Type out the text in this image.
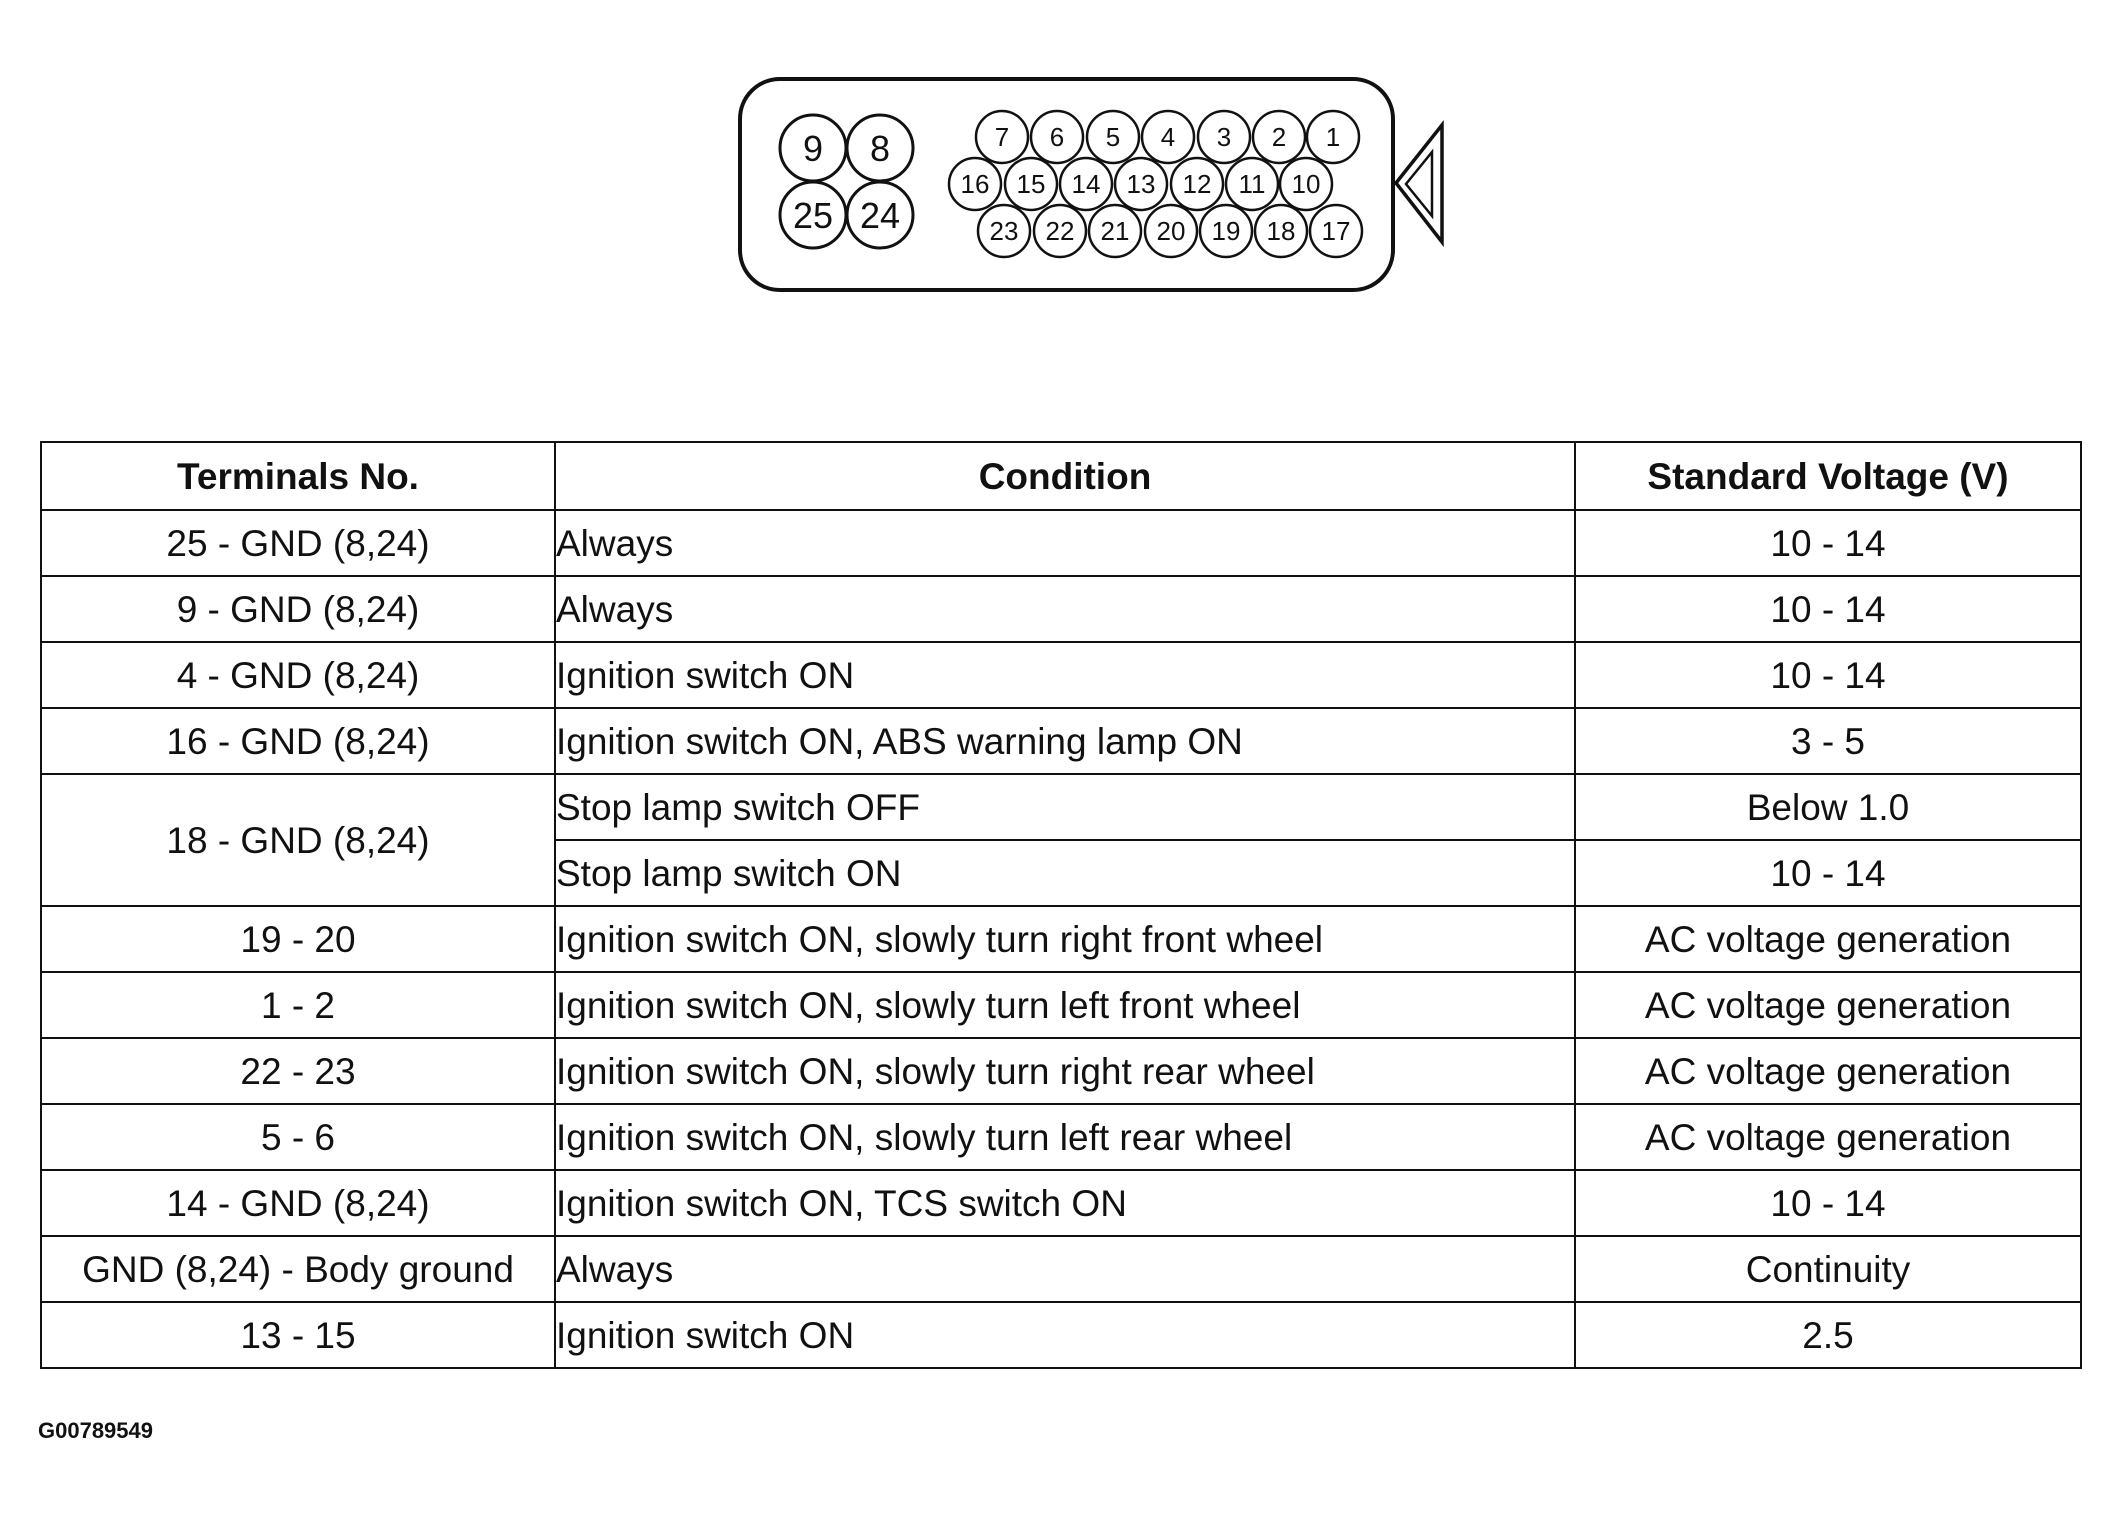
9 8
25 24
7 6 5 4 3 2 1
16 15 14 13 12 11 10
23 22 21 20 19 18 17
Terminals No.	Condition	Standard Voltage (V)
25 - GND (8,24)	Always	10 - 14
9 - GND (8,24)	Always	10 - 14
4 - GND (8,24)	Ignition switch ON	10 - 14
16 - GND (8,24)	Ignition switch ON, ABS warning lamp ON	3 - 5
18 - GND (8,24)	Stop lamp switch OFF	Below 1.0
	Stop lamp switch ON	10 - 14
19 - 20	Ignition switch ON, slowly turn right front wheel	AC voltage generation
1 - 2	Ignition switch ON, slowly turn left front wheel	AC voltage generation
22 - 23	Ignition switch ON, slowly turn right rear wheel	AC voltage generation
5 - 6	Ignition switch ON, slowly turn left rear wheel	AC voltage generation
14 - GND (8,24)	Ignition switch ON, TCS switch ON	10 - 14
GND (8,24) - Body ground	Always	Continuity
13 - 15	Ignition switch ON	2.5
G00789549
